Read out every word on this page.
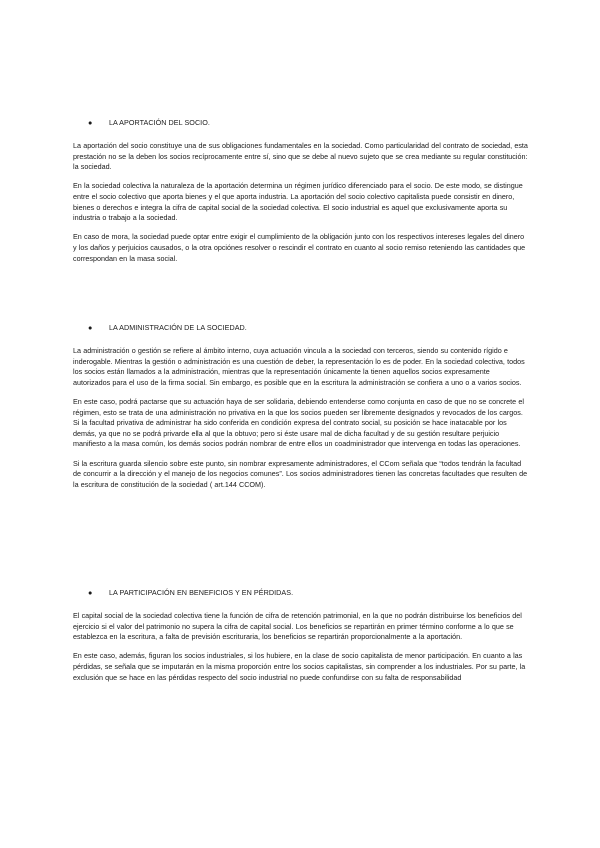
● LA APORTACIÓN DEL SOCIO.

La aportación del socio constituye una de sus obligaciones fundamentales en la sociedad. Como particularidad del contrato de sociedad, esta prestación no se la deben los socios recíprocamente entre sí, sino que se debe al nuevo sujeto que se crea mediante su regular constitución: la sociedad.

En la sociedad colectiva la naturaleza de la aportación determina un régimen jurídico diferenciado para el socio. De este modo, se distingue entre el socio colectivo que aporta bienes y el que aporta industria. La aportación del socio colectivo capitalista puede consistir en dinero, bienes o derechos e integra la cifra de capital social de la sociedad colectiva. El socio industrial es aquel que exclusivamente aporta su industria o trabajo a la sociedad.

En caso de mora, la sociedad puede optar entre exigir el cumplimiento de la obligación junto con los respectivos intereses legales del dinero y los daños y perjuicios causados, o la otra opciónes resolver o rescindir el contrato en cuanto al socio remiso reteniendo las cantidades que correspondan en la masa social.

● LA ADMINISTRACIÓN DE LA SOCIEDAD.

La administración o gestión se refiere al ámbito interno, cuya actuación vincula a la sociedad con terceros, siendo su contenido rígido e inderogable. Mientras la gestión o administración es una cuestión de deber, la representación lo es de poder. En la sociedad colectiva, todos los socios están llamados a la administración, mientras que la representación únicamente la tienen aquellos socios expresamente autorizados para el uso de la firma social. Sin embargo, es posible que en la escritura la administración se confiera a uno o a varios socios.

En este caso, podrá pactarse que su actuación haya de ser solidaria, debiendo entenderse como conjunta en caso de que no se concrete el régimen, esto se trata de una administración no privativa en la que los socios pueden ser libremente designados y revocados de los cargos. Si la facultad privativa de administrar ha sido conferida en condición expresa del contrato social, su posición se hace inatacable por los demás, ya que no se podrá privarde ella al que la obtuvo; pero si éste usare mal de dicha facultad y de su gestión resultare perjuicio manifiesto a la masa común, los demás socios podrán nombrar de entre ellos un coadministrador que intervenga en todas las operaciones.

Si la escritura guarda silencio sobre este punto, sin nombrar expresamente administradores, el CCom señala que “todos tendrán la facultad de concurrir a la dirección y el manejo de los negocios comunes”. Los socios administradores tienen las concretas facultades que resulten de la escritura de constitución de la sociedad ( art.144 CCOM).

● LA PARTICIPACIÓN EN BENEFICIOS Y EN PÉRDIDAS.

El capital social de la sociedad colectiva tiene la función de cifra de retención patrimonial, en la que no podrán distribuirse los beneficios del ejercicio si el valor del patrimonio no supera la cifra de capital social. Los beneficios se repartirán en primer término conforme a lo que se establezca en la escritura, a falta de previsión escrituraria, los beneficios se repartirán proporcionalmente a la aportación.

En este caso, además, figuran los socios industriales, si los hubiere, en la clase de socio capitalista de menor participación. En cuanto a las pérdidas, se señala que se imputarán en la misma proporción entre los socios capitalistas, sin comprender a los industriales. Por su parte, la exclusión que se hace en las pérdidas respecto del socio industrial no puede confundirse con su falta de responsabilidad
